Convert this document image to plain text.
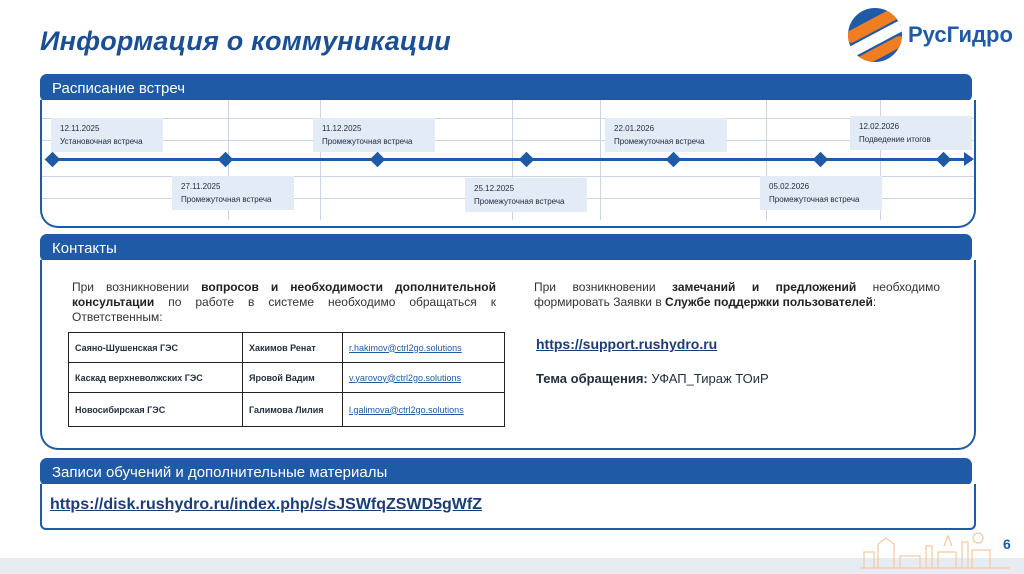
Информация о коммуникации	РусГидро
Расписание встреч
12.11.2025
Установочная встреча
27.11.2025
Промежуточная встреча
11.12.2025
Промежуточная встреча
25.12.2025
Промежуточная встреча
22.01.2026
Промежуточная встреча
05.02.2026
Промежуточная встреча
12.02.2026
Подведение итогов
Контакты
При возникновении вопросов и необходимости дополнительной консультации по работе в системе необходимо обращаться к Ответственным:
Саяно-Шушенская ГЭС	Хакимов Ренат	r.hakimov@ctrl2go.solutions
Каскад верхневолжских ГЭС	Яровой Вадим	v.yarovoy@ctrl2go.solutions
Новосибирская ГЭС	Галимова Лилия	l.galimova@ctrl2go.solutions
При возникновении замечаний и предложений необходимо формировать Заявки в Службе поддержки пользователей:
https://support.rushydro.ru
Тема обращения: УФАП_Тираж ТОиР
Записи обучений и дополнительные материалы
https://disk.rushydro.ru/index.php/s/sJSWfqZSWD5gWfZ
6
